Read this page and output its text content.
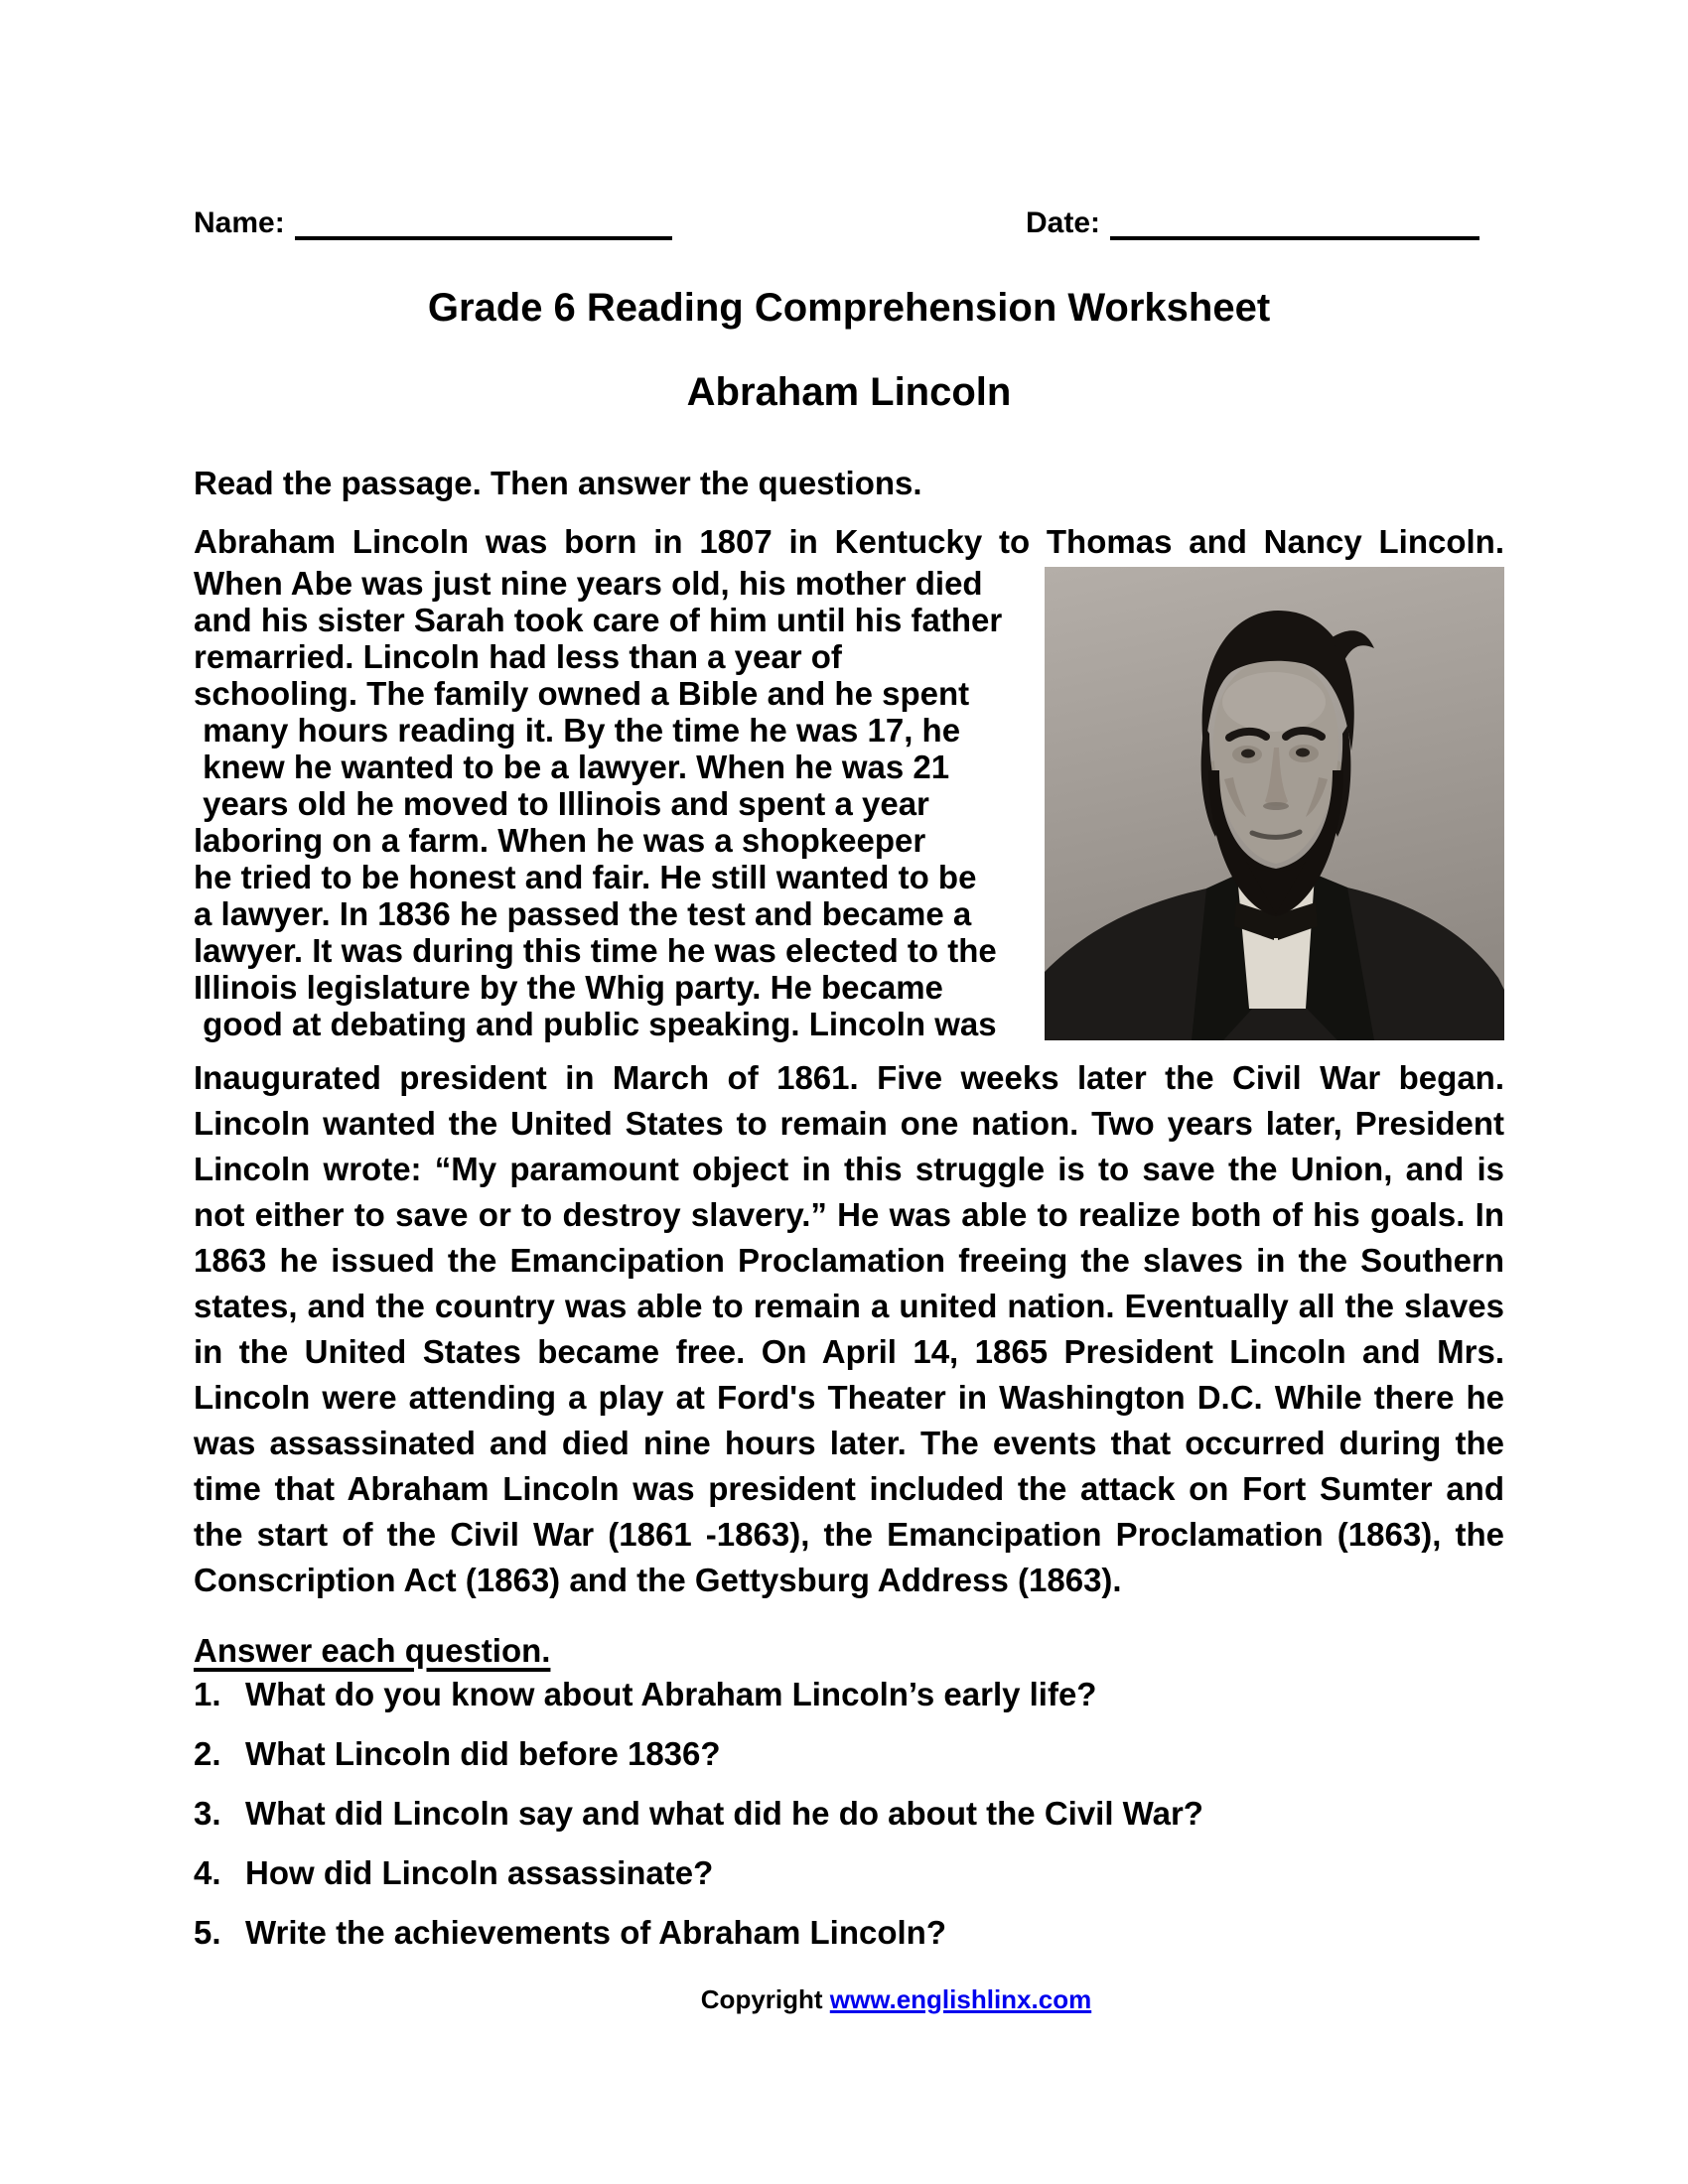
Name:	Date:
Grade 6 Reading Comprehension Worksheet
Abraham Lincoln

Read the passage. Then answer the questions.

Abraham Lincoln was born in 1807 in Kentucky to Thomas and Nancy Lincoln.

When Abe was just nine years old, his mother died
and his sister Sarah took care of him until his father
remarried. Lincoln had less than a year of
schooling. The family owned a Bible and he spent
many hours reading it. By the time he was 17, he
knew he wanted to be a lawyer. When he was 21
years old he moved to Illinois and spent a year
laboring on a farm. When he was a shopkeeper
he tried to be honest and fair. He still wanted to be
a lawyer. In 1836 he passed the test and became a
lawyer. It was during this time he was elected to the
Illinois legislature by the Whig party. He became
good at debating and public speaking. Lincoln was

Inaugurated president in March of 1861. Five weeks later the Civil War began. Lincoln wanted the United States to remain one nation. Two years later, President Lincoln wrote: “My paramount object in this struggle is to save the Union, and is not either to save or to destroy slavery.” He was able to realize both of his goals. In 1863 he issued the Emancipation Proclamation freeing the slaves in the Southern states, and the country was able to remain a united nation. Eventually all the slaves in the United States became free. On April 14, 1865 President Lincoln and Mrs. Lincoln were attending a play at Ford's Theater in Washington D.C. While there he was assassinated and died nine hours later. The events that occurred during the time that Abraham Lincoln was president included the attack on Fort Sumter and the start of the Civil War (1861 -1863), the Emancipation Proclamation (1863), the Conscription Act (1863) and the Gettysburg Address (1863).

Answer each question.

1. What do you know about Abraham Lincoln’s early life?
2. What Lincoln did before 1836?
3. What did Lincoln say and what did he do about the Civil War?
4. How did Lincoln assassinate?
5. Write the achievements of Abraham Lincoln?
Copyright www.englishlinx.com
